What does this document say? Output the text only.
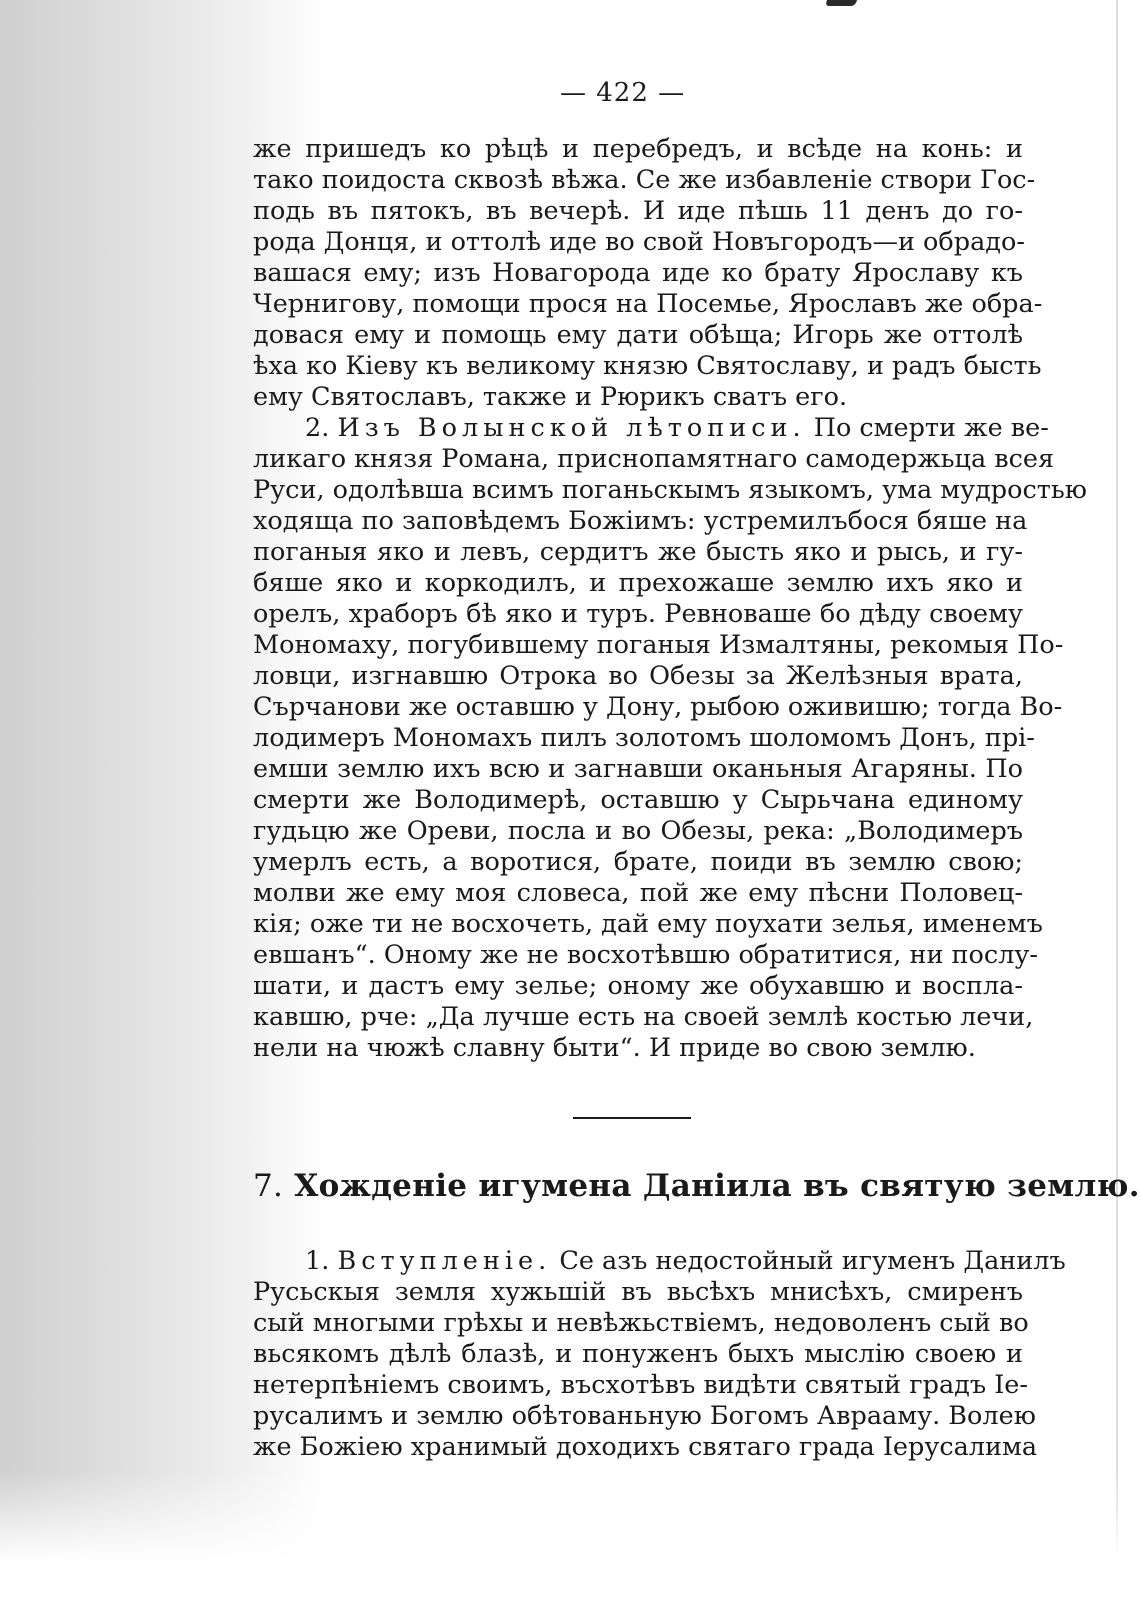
— 422 —
же пришедъ ко рѣцѣ и перебредъ, и всѣде на конь: и
тако поидоста сквозѣ вѣжа. Се же избавленіе створи Гос-
подь въ пятокъ, въ вечерѣ. И иде пѣшь 11 денъ до го-
рода Донця, и оттолѣ иде во свой Новъгородъ—и обрадо-
вашася ему; изъ Новагорода иде ко брату Ярославу къ
Чернигову, помощи прося на Посемье, Ярославъ же обра-
довася ему и помощь ему дати обѣща; Игорь же оттолѣ
ѣха ко Кіеву къ великому князю Святославу, и радъ бысть
ему Святославъ, также и Рюрикъ сватъ его.
2. Изъ Волынской лѣтописи. По смерти же ве-
ликаго князя Романа, приснопамятнаго самодержьца всея
Руси, одолѣвша всимъ поганьскымъ языкомъ, ума мудростью
ходяща по заповѣдемъ Божіимъ: устремилъбося бяше на
поганыя яко и левъ, сердитъ же бысть яко и рысь, и гу-
бяше яко и коркодилъ, и прехожаше землю ихъ яко и
орелъ, храборъ бѣ яко и туръ. Ревноваше бо дѣду своему
Мономаху, погубившему поганыя Измалтяны, рекомыя По-
ловци, изгнавшю Отрока во Обезы за Желѣзныя врата,
Сърчанови же оставшю у Дону, рыбою оживишю; тогда Во-
лодимеръ Мономахъ пилъ золотомъ шоломомъ Донъ, прі-
емши землю ихъ всю и загнавши оканьныя Агаряны. По
смерти же Володимерѣ, оставшю у Сырьчана единому
гудьцю же Ореви, посла и во Обезы, река: „Володимеръ
умерлъ есть, а воротися, брате, поиди въ землю свою;
молви же ему моя словеса, пой же ему пѣсни Половец-
кія; оже ти не восхочеть, дай ему поухати зелья, именемъ
евшанъ“. Оному же не восхотѣвшю обратитися, ни послу-
шати, и дастъ ему зелье; оному же обухавшю и воспла-
кавшю, рче: „Да лучше есть на своей землѣ костью лечи,
нели на чюжѣ славну быти“. И приде во свою землю.
7. Хожденіе игумена Даніила въ святую землю.
1. Вступленіе. Се азъ недостойный игуменъ Данилъ
Русьскыя земля хужьшій въ вьсѣхъ мнисѣхъ, смиренъ
сый многыми грѣхы и невѣжьствіемъ, недоволенъ сый во
вьсякомъ дѣлѣ блазѣ, и понуженъ быхъ мыслію своею и
нетерпѣніемъ своимъ, въсхотѣвъ видѣти святый градъ Іе-
русалимъ и землю обѣтованьную Богомъ Аврааму. Волею
же Божіею хранимый доходихъ святаго града Іерусалима
